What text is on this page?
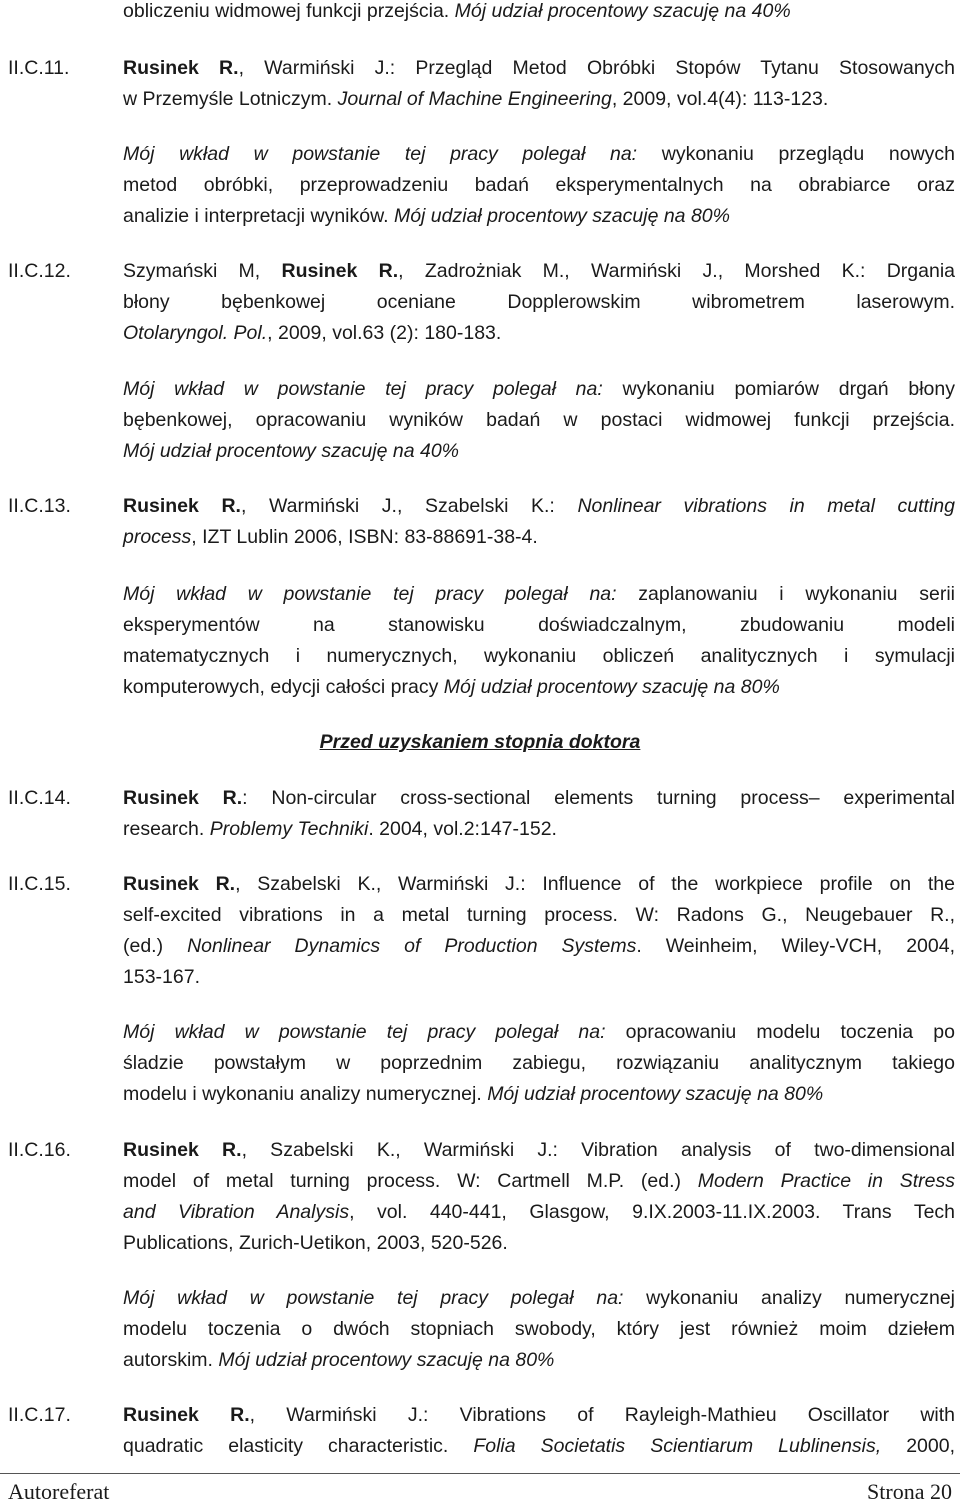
obliczeniu widmowej funkcji przejścia. Mój udział procentowy szacuję na 40%
II.C.11.	Rusinek R., Warmiński J.: Przegląd Metod Obróbki Stopów Tytanu Stosowanych
w Przemyśle Lotniczym. Journal of Machine Engineering, 2009, vol.4(4): 113-123.
Mój wkład w powstanie tej pracy polegał na: wykonaniu przeglądu nowych
metod obróbki, przeprowadzeniu badań eksperymentalnych na obrabiarce oraz
analizie i interpretacji wyników. Mój udział procentowy szacuję na 80%
II.C.12.	Szymański M, Rusinek R., Zadrożniak M., Warmiński J., Morshed K.: Drgania
błony bębenkowej oceniane Dopplerowskim wibrometrem laserowym.
Otolaryngol. Pol., 2009, vol.63 (2): 180-183.
Mój wkład w powstanie tej pracy polegał na: wykonaniu pomiarów drgań błony
bębenkowej, opracowaniu wyników badań w postaci widmowej funkcji przejścia.
Mój udział procentowy szacuję na 40%
II.C.13.	Rusinek R., Warmiński J., Szabelski K.: Nonlinear vibrations in metal cutting
process, IZT Lublin 2006, ISBN: 83-88691-38-4.
Mój wkład w powstanie tej pracy polegał na: zaplanowaniu i wykonaniu serii
eksperymentów na stanowisku doświadczalnym, zbudowaniu modeli
matematycznych i numerycznych, wykonaniu obliczeń analitycznych i symulacji
komputerowych, edycji całości pracy Mój udział procentowy szacuję na 80%
Przed uzyskaniem stopnia doktora
II.C.14.	Rusinek R.: Non-circular cross-sectional elements turning process– experimental
research. Problemy Techniki. 2004, vol.2:147-152.
II.C.15.	Rusinek R., Szabelski K., Warmiński J.: Influence of the workpiece profile on the
self-excited vibrations in a metal turning process. W: Radons G., Neugebauer R.,
(ed.) Nonlinear Dynamics of Production Systems. Weinheim, Wiley-VCH, 2004,
153-167.
Mój wkład w powstanie tej pracy polegał na: opracowaniu modelu toczenia po
śladzie powstałym w poprzednim zabiegu, rozwiązaniu analitycznym takiego
modelu i wykonaniu analizy numerycznej. Mój udział procentowy szacuję na 80%
II.C.16.	Rusinek R., Szabelski K., Warmiński J.: Vibration analysis of two-dimensional
model of metal turning process. W: Cartmell M.P. (ed.) Modern Practice in Stress
and Vibration Analysis, vol. 440-441, Glasgow, 9.IX.2003-11.IX.2003. Trans Tech
Publications, Zurich-Uetikon, 2003, 520-526.
Mój wkład w powstanie tej pracy polegał na: wykonaniu analizy numerycznej
modelu toczenia o dwóch stopniach swobody, który jest również moim dziełem
autorskim. Mój udział procentowy szacuję na 80%
II.C.17.	Rusinek R., Warmiński J.: Vibrations of Rayleigh-Mathieu Oscillator with
quadratic elasticity characteristic. Folia Societatis Scientiarum Lublinensis, 2000,
Autoreferat	Strona 20
